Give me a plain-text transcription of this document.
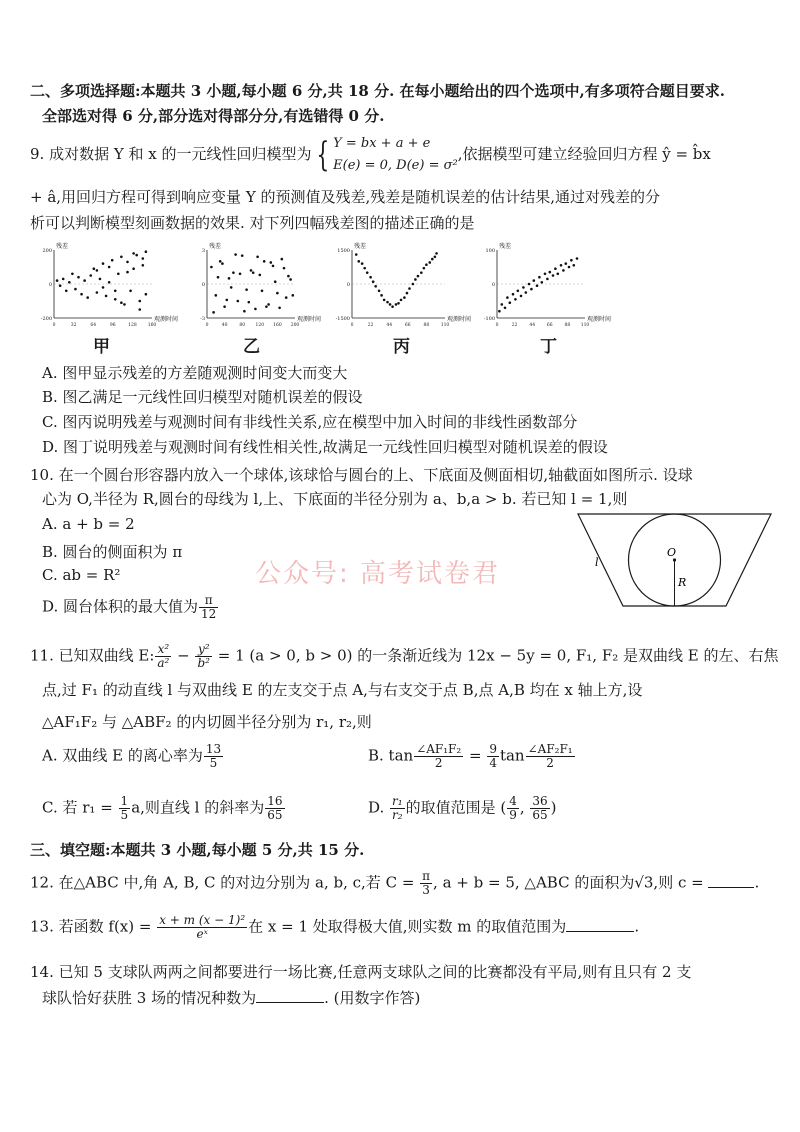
二、多项选择题:本题共 3 小题,每小题 6 分,共 18 分. 在每小题给出的四个选项中,有多项符合题目要求.
全部选对得 6 分,部分选对得部分分,有选错得 0 分.
9. 成对数据 Y 和 x 的一元线性回归模型为 { Y = bx + a + e
E(e) = 0, D(e) = σ²
,依据模型可建立经验回归方程 ŷ = b̂x
+ â,用回归方程可得到响应变量 Y 的预测值及残差,残差是随机误差的估计结果,通过对残差的分
析可以判断模型刻画数据的效果. 对下列四幅残差图的描述正确的是
-200
0
200
残差
观测时间
0	32	64	96	128 160
-3
0
3
残差
观测时间
0	40	80 120 160 200
-1500
0
1500
残差
观测时间
0	22	44	66	88	110
-100
0
100
残差
观测时间
0	22	44	66	88 110
甲	乙	丙	丁
A. 图甲显示残差的方差随观测时间变大而变大
B. 图乙满足一元线性回归模型对随机误差的假设
C. 图丙说明残差与观测时间有非线性关系,应在模型中加入时间的非线性函数部分
D. 图丁说明残差与观测时间有线性相关性,故满足一元线性回归模型对随机误差的假设
10. 在一个圆台形容器内放入一个球体,该球恰与圆台的上、下底面及侧面相切,轴截面如图所示. 设球
心为 O,半径为 R,圆台的母线为 l,上、下底面的半径分别为 a、b,a > b. 若已知 l = 1,则
A. a + b = 2
B. 圆台的侧面积为 π
C. ab = R²
D. 圆台体积的最大值为 $\frac{\pi}{12}$
l
O
R
公众号: 高考试卷君
11. 已知双曲线 E: $\frac{\text{x²}}{\text{a²}} - \frac{\text{y²}}{\text{b²}} = 1$ (a > 0, b > 0) 的一条渐近线为 12x − 5y = 0, F₁, F₂ 是双曲线 E 的左、右焦
点,过 F₁ 的动直线 l 与双曲线 E 的左支交于点 A,与右支交于点 B,点 A,B 均在 x 轴上方,设
△AF₁F₂ 与 △ABF₂ 的内切圆半径分别为 r₁, r₂,则
A. 双曲线 E 的离心率为 $\frac{13}{5}$	B. $\tan \frac{\text{∠AF₁F₂}}{2} = \frac{9}{4}$ $\tan \frac{\text{∠AF₂F₁}}{2}$
C. 若 $r_1 = \frac{1}{5} a$,则直线 l 的斜率为 $\frac{16}{65}$	D. $\frac{\text{r₁}}{\text{r₂}}$ 的取值范围是 ( $\frac{4}{9}$ , $\frac{36}{65}$ )
三、填空题:本题共 3 小题,每小题 5 分,共 15 分.
12. 在△ABC 中,角 A, B, C 的对边分别为 a, b, c,若 $C = \frac{\pi}{3}$ , a + b = 5, △ABC 的面积为√3,则 c =	.
13. 若函数 $f(x) = \frac{\text{x + m (x − 1)²}}{\text{eˣ}}$ 在 x = 1 处取得极大值,则实数 m 的取值范围为	.
14. 已知 5 支球队两两之间都要进行一场比赛,任意两支球队之间的比赛都没有平局,则有且只有 2 支
球队恰好获胜 3 场的情况种数为	. (用数字作答)
